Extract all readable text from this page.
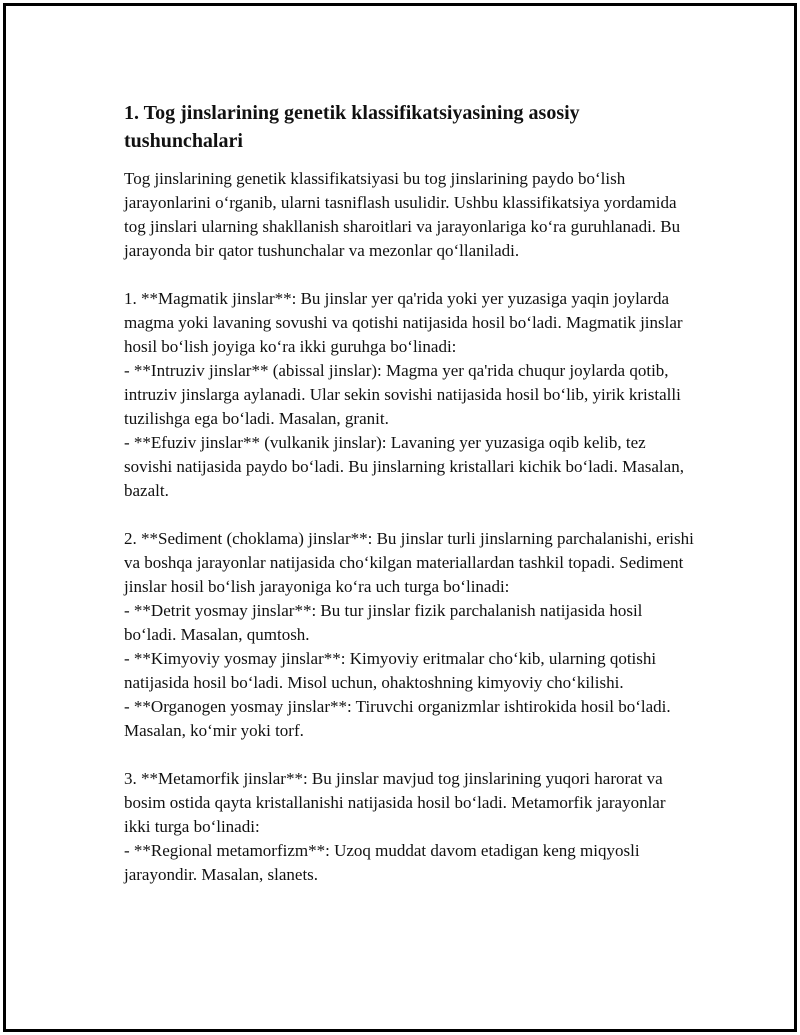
1. Tog jinslarining genetik klassifikatsiyasining asosiy tushunchalari

Tog jinslarining genetik klassifikatsiyasi bu tog jinslarining paydo bo‘lish jarayonlarini o‘rganib, ularni tasniflash usulidir. Ushbu klassifikatsiya yordamida tog jinslari ularning shakllanish sharoitlari va jarayonlariga ko‘ra guruhlanadi. Bu jarayonda bir qator tushunchalar va mezonlar qo‘llaniladi.

1. **Magmatik jinslar**: Bu jinslar yer qa'rida yoki yer yuzasiga yaqin joylarda magma yoki lavaning sovushi va qotishi natijasida hosil bo‘ladi. Magmatik jinslar hosil bo‘lish joyiga ko‘ra ikki guruhga bo‘linadi:
- **Intruziv jinslar** (abissal jinslar): Magma yer qa'rida chuqur joylarda qotib, intruziv jinslarga aylanadi. Ular sekin sovishi natijasida hosil bo‘lib, yirik kristalli tuzilishga ega bo‘ladi. Masalan, granit.
- **Efuziv jinslar** (vulkanik jinslar): Lavaning yer yuzasiga oqib kelib, tez sovishi natijasida paydo bo‘ladi. Bu jinslarning kristallari kichik bo‘ladi. Masalan, bazalt.

2. **Sediment (choklama) jinslar**: Bu jinslar turli jinslarning parchalanishi, erishi va boshqa jarayonlar natijasida cho‘kilgan materiallardan tashkil topadi. Sediment jinslar hosil bo‘lish jarayoniga ko‘ra uch turga bo‘linadi:
- **Detrit yosmay jinslar**: Bu tur jinslar fizik parchalanish natijasida hosil bo‘ladi. Masalan, qumtosh.
- **Kimyoviy yosmay jinslar**: Kimyoviy eritmalar cho‘kib, ularning qotishi natijasida hosil bo‘ladi. Misol uchun, ohaktoshning kimyoviy cho‘kilishi.
- **Organogen yosmay jinslar**: Tiruvchi organizmlar ishtirokida hosil bo‘ladi. Masalan, ko‘mir yoki torf.

3. **Metamorfik jinslar**: Bu jinslar mavjud tog jinslarining yuqori harorat va bosim ostida qayta kristallanishi natijasida hosil bo‘ladi. Metamorfik jarayonlar ikki turga bo‘linadi:
- **Regional metamorfizm**: Uzoq muddat davom etadigan keng miqyosli jarayondir. Masalan, slanets.
